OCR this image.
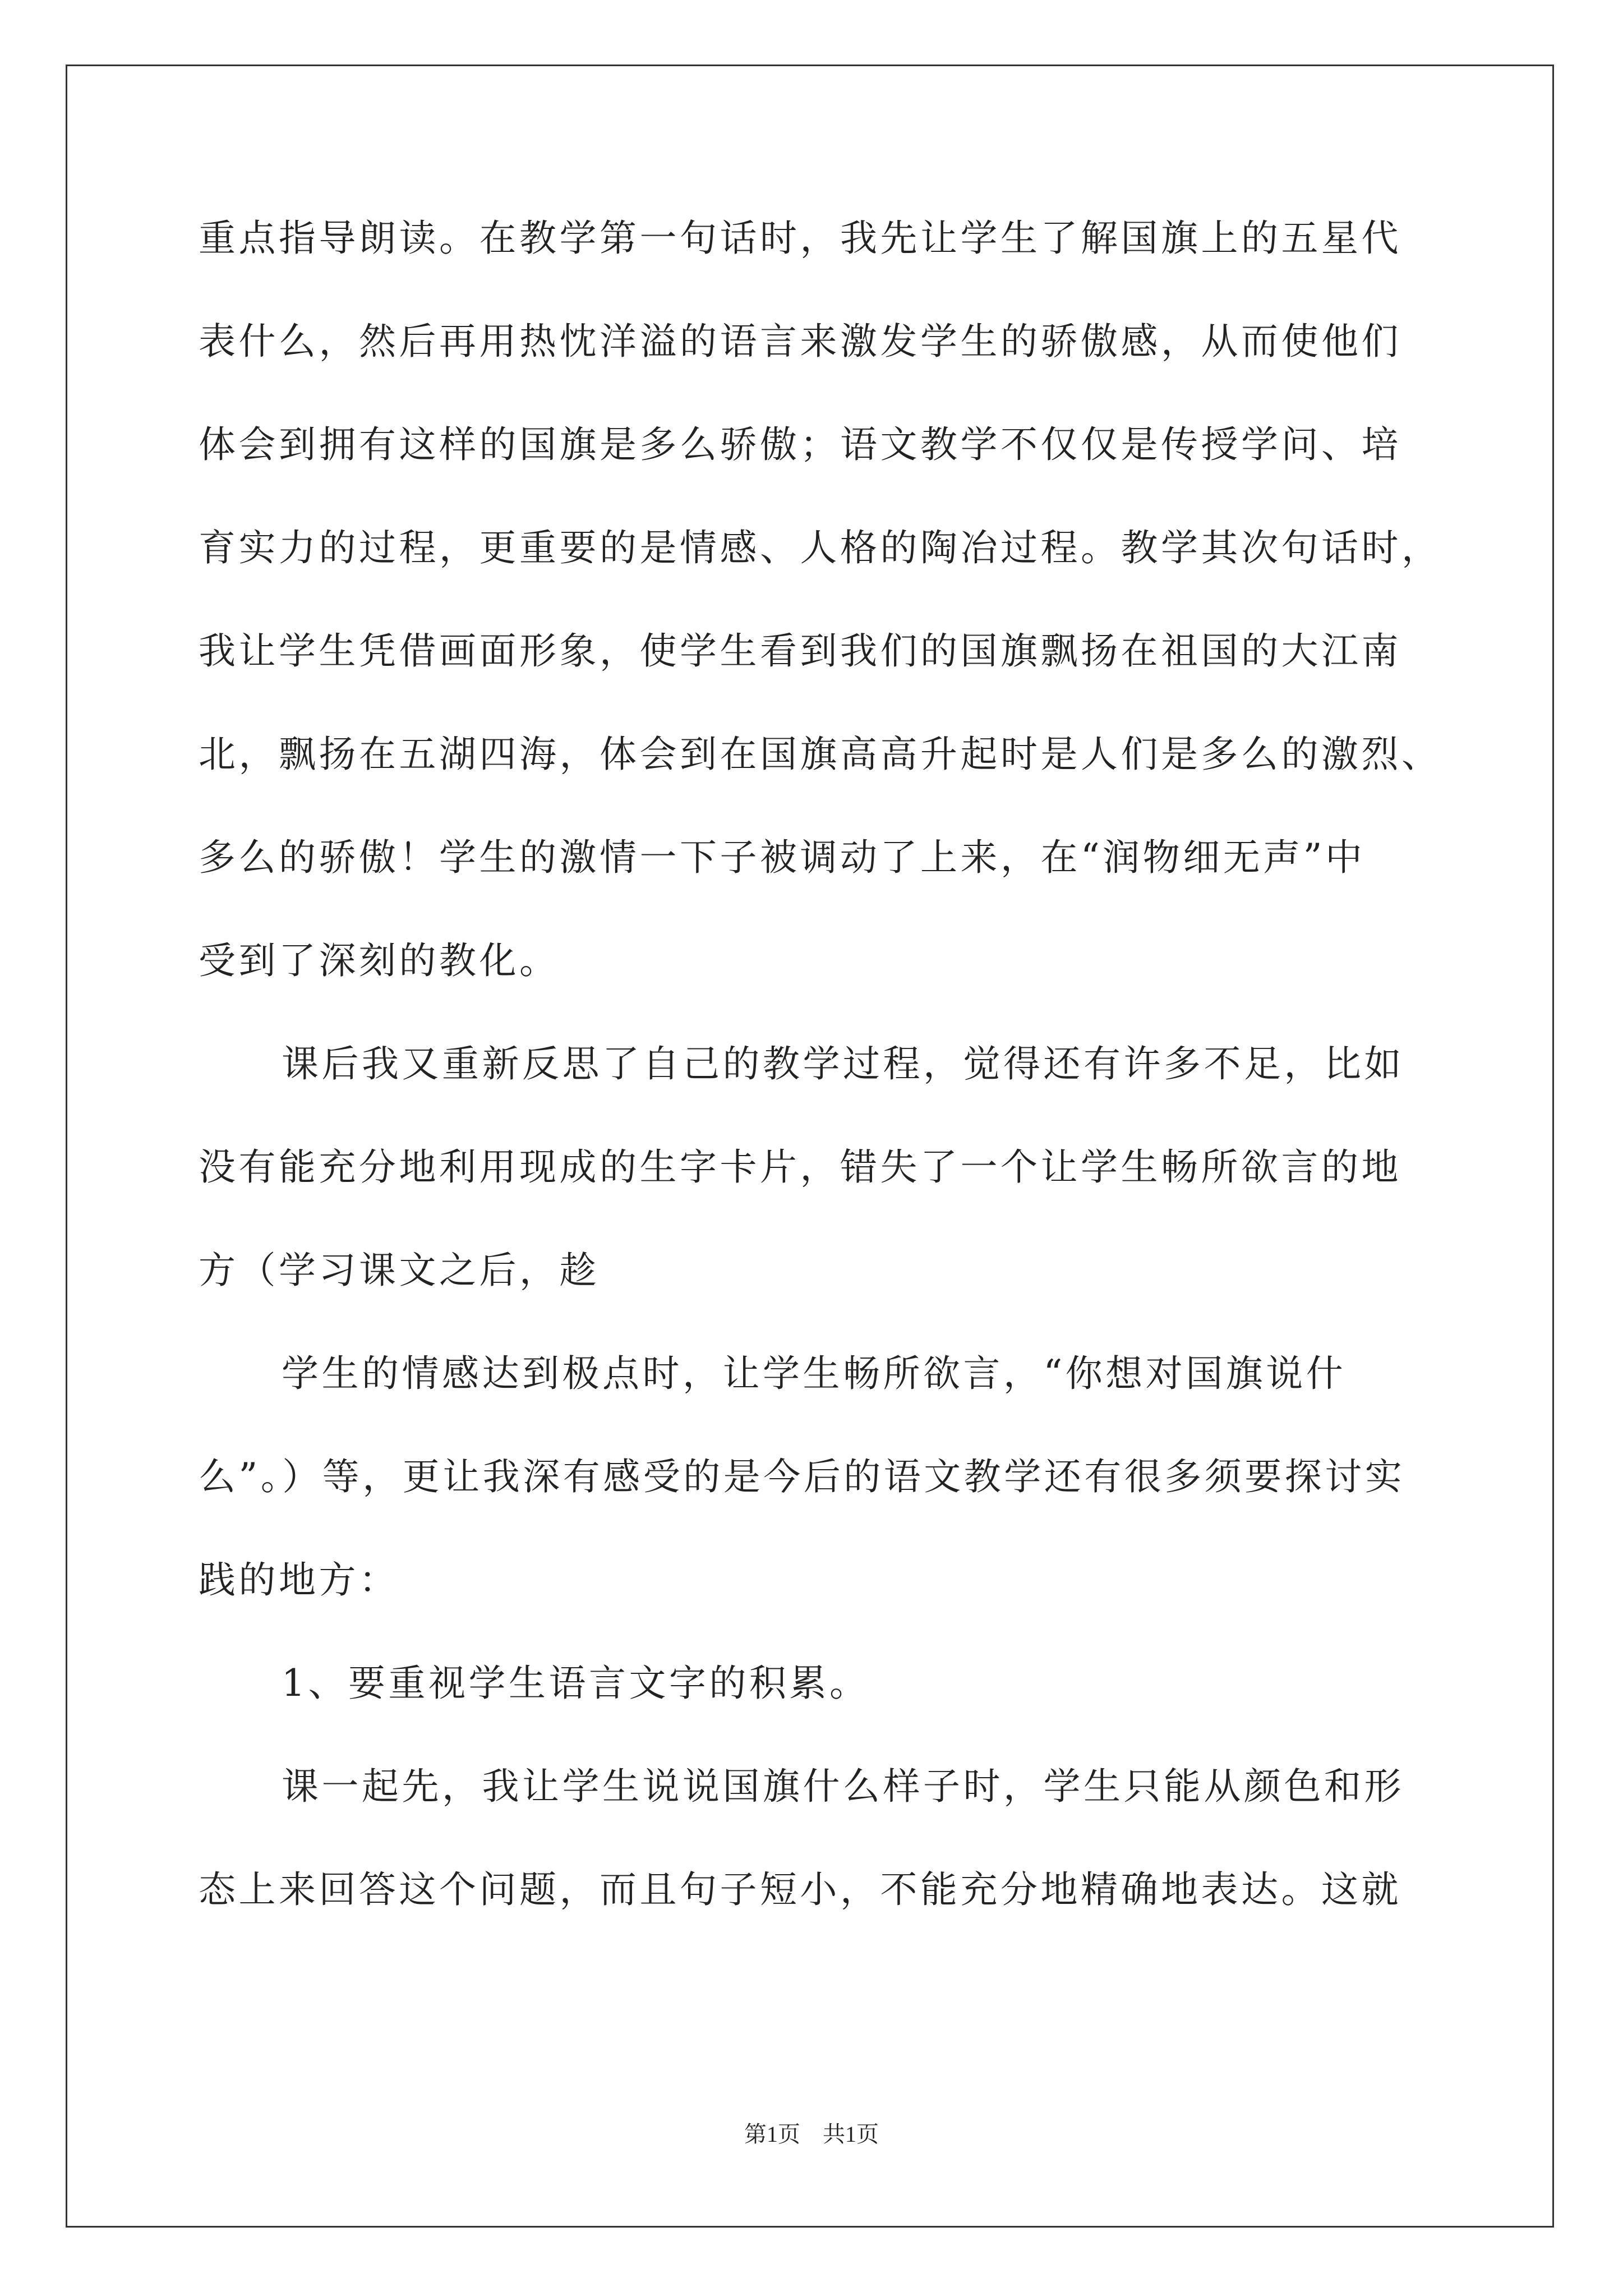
重点指导朗读。在教学第一句话时，我先让学生了解国旗上的五星代
表什么，然后再用热忱洋溢的语言来激发学生的骄傲感，从而使他们
体会到拥有这样的国旗是多么骄傲；语文教学不仅仅是传授学问、培
育实力的过程，更重要的是情感、人格的陶冶过程。教学其次句话时，
我让学生凭借画面形象，使学生看到我们的国旗飘扬在祖国的大江南
北，飘扬在五湖四海，体会到在国旗高高升起时是人们是多么的激烈、
多么的骄傲！学生的激情一下子被调动了上来，在“润物细无声”中
受到了深刻的教化。
课后我又重新反思了自己的教学过程，觉得还有许多不足，比如
没有能充分地利用现成的生字卡片，错失了一个让学生畅所欲言的地
方（学习课文之后，趁
学生的情感达到极点时，让学生畅所欲言，“你想对国旗说什
么”。）等，更让我深有感受的是今后的语文教学还有很多须要探讨实
践的地方：
1、要重视学生语言文字的积累。
课一起先，我让学生说说国旗什么样子时，学生只能从颜色和形
态上来回答这个问题，而且句子短小，不能充分地精确地表达。这就
第1页 共1页
